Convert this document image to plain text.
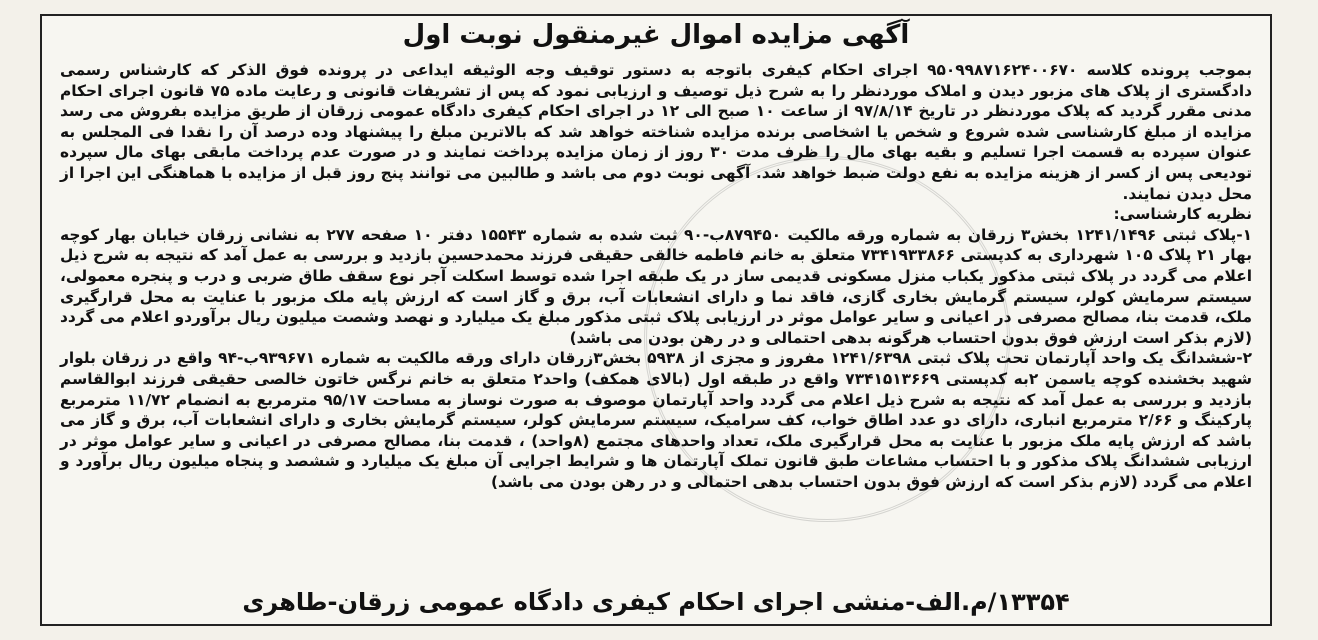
آگهی مزایده اموال غیرمنقول نوبت اول

بموجب پرونده کلاسه ۹۵۰۹۹۸۷۱۶۲۴۰۰۶۷۰ اجرای احکام کیفری باتوجه به دستور توقیف وجه الوثیقه ایداعی در پرونده فوق الذکر که کارشناس رسمی دادگستری از پلاک های مزبور دیدن و املاک موردنظر را به شرح ذیل توصیف و ارزیابی نمود که پس از تشریفات قانونی و رعایت ماده ۷۵ قانون اجرای احکام مدنی مقرر گردید که پلاک موردنظر در تاریخ ۹۷/۸/۱۴ از ساعت ۱۰ صبح الی ۱۲ در اجرای احکام کیفری دادگاه عمومی زرقان از طریق مزایده بفروش می رسد مزایده از مبلغ کارشناسی شده شروع و شخص یا اشخاصی برنده مزایده شناخته خواهد شد که بالاترین مبلغ را پیشنهاد وده درصد آن را نقدا فی المجلس به عنوان سپرده به قسمت اجرا تسلیم و بقیه بهای مال را ظرف مدت ۳۰ روز از زمان مزایده پرداخت نمایند و در صورت عدم پرداخت مابقی بهای مال سپرده تودیعی پس از کسر از هزینه مزایده به نفع دولت ضبط خواهد شد. آگهی نوبت دوم می باشد و طالبین می توانند پنج روز قبل از مزایده با هماهنگی این اجرا از محل دیدن نمایند.

نظریه کارشناسی:

۱-پلاک ثبتی ۱۲۴۱/۱۴۹۶ بخش۳ زرقان به شماره ورقه مالکیت ۸۷۹۴۵۰ب-۹۰ ثبت شده به شماره ۱۵۵۴۳ دفتر ۱۰ صفحه ۲۷۷ به نشانی زرقان خیابان بهار کوچه بهار ۲۱ پلاک ۱۰۵ شهرداری به کدپستی ۷۳۴۱۹۳۳۸۶۶ متعلق به خانم فاطمه خالقی حقیقی فرزند محمدحسین بازدید و بررسی به عمل آمد که نتیجه به شرح ذیل اعلام می گردد در پلاک ثبتی مذکور یکباب منزل مسکونی قدیمی ساز در یک طبقه اجرا شده توسط اسکلت آجر نوع سقف طاق ضربی و درب و پنجره معمولی، سیستم سرمایش کولر، سیستم گرمایش بخاری گازی، فاقد نما و دارای انشعابات آب، برق و گاز است که ارزش پایه ملک مزبور با عنایت به محل قرارگیری ملک، قدمت بنا، مصالح مصرفی در اعیانی و سایر عوامل موثر در ارزیابی پلاک ثبتی مذکور مبلغ یک میلیارد و نهصد وشصت میلیون ریال برآوردو اعلام می گردد (لازم بذکر است ارزش فوق بدون احتساب هرگونه بدهی احتمالی و در رهن بودن می باشد)

۲-ششدانگ یک واحد آپارتمان تحت پلاک ثبتی ۱۲۴۱/۶۳۹۸ مفروز و مجزی از ۵۹۳۸ بخش۳زرقان دارای ورقه مالکیت به شماره ۹۳۹۶۷۱ب-۹۴ واقع در زرقان بلوار شهید بخشنده کوچه یاسمن ۲به کدپستی ۷۳۴۱۵۱۳۶۶۹ واقع در طبقه اول (بالای همکف) واحد۲ متعلق به خانم نرگس خاتون خالصی حقیقی فرزند ابوالقاسم بازدید و بررسی به عمل آمد که نتیجه به شرح ذیل اعلام می گردد واحد آپارتمان موصوف به صورت نوساز به مساحت ۹۵/۱۷ مترمربع به انضمام ۱۱/۷۲ مترمربع پارکینگ و ۲/۶۶ مترمربع انباری، دارای دو عدد اطاق خواب، کف سرامیک، سیستم سرمایش کولر، سیستم گرمایش بخاری و دارای انشعابات آب، برق و گاز می باشد که ارزش پایه ملک مزبور با عنایت به محل قرارگیری ملک، تعداد واحدهای مجتمع (۸واحد) ، قدمت بنا، مصالح مصرفی در اعیانی و سایر عوامل موثر در ارزیابی ششدانگ پلاک مذکور و با احتساب مشاعات طبق قانون تملک آپارتمان ها و شرایط اجرایی آن مبلغ یک میلیارد و ششصد و پنجاه میلیون ریال برآورد و اعلام می گردد (لازم بذکر است که ارزش فوق بدون احتساب بدهی احتمالی و در رهن بودن می باشد)

۱۳۳۵۴/م.الف-منشی اجرای احکام کیفری دادگاه عمومی زرقان-طاهری
